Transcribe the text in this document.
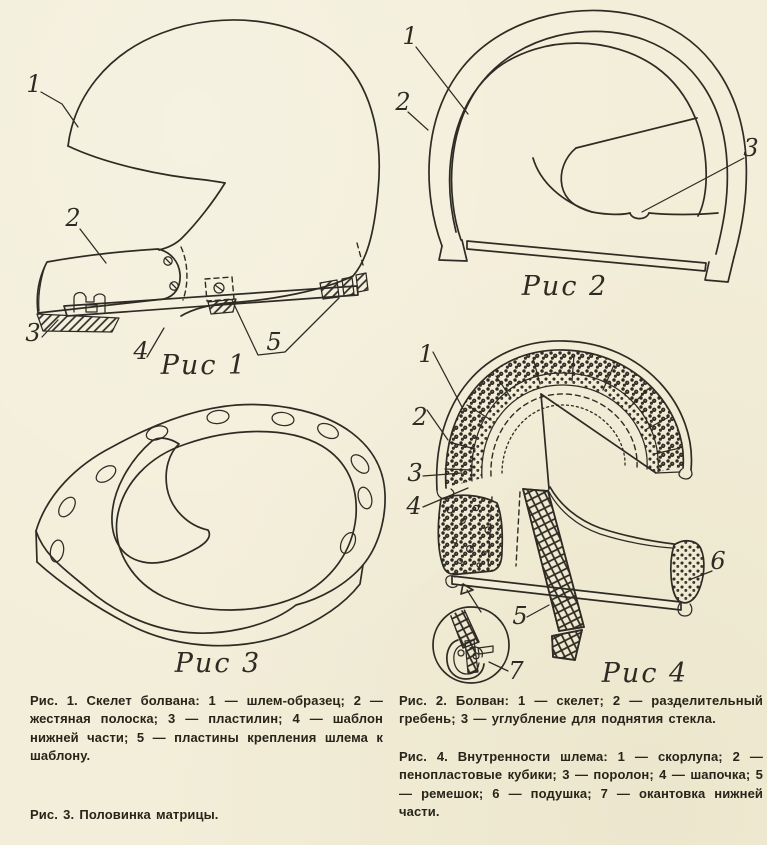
1
2
3
4	5
Рис 1
1
2
3
Рис 2
Рис 3
1
2
3
4
5
6
7	Рис 4
Рис. 1. Скелет болвана: 1 — шлем-образец; 2 — жестяная полоска; 3 — пластилин; 4 — шаблон нижней части; 5 — пластины крепления шлема к шаблону.
Рис. 3. Половинка матрицы.
Рис. 2. Болван: 1 — скелет; 2 — разделительный гребень; 3 — углубление для поднятия стекла.
Рис. 4. Внутренности шлема: 1 — скорлупа; 2 — пенопластовые кубики; 3 — поролон; 4 — шапочка; 5 — ремешок; 6 — подушка; 7 — окантовка нижней части.
